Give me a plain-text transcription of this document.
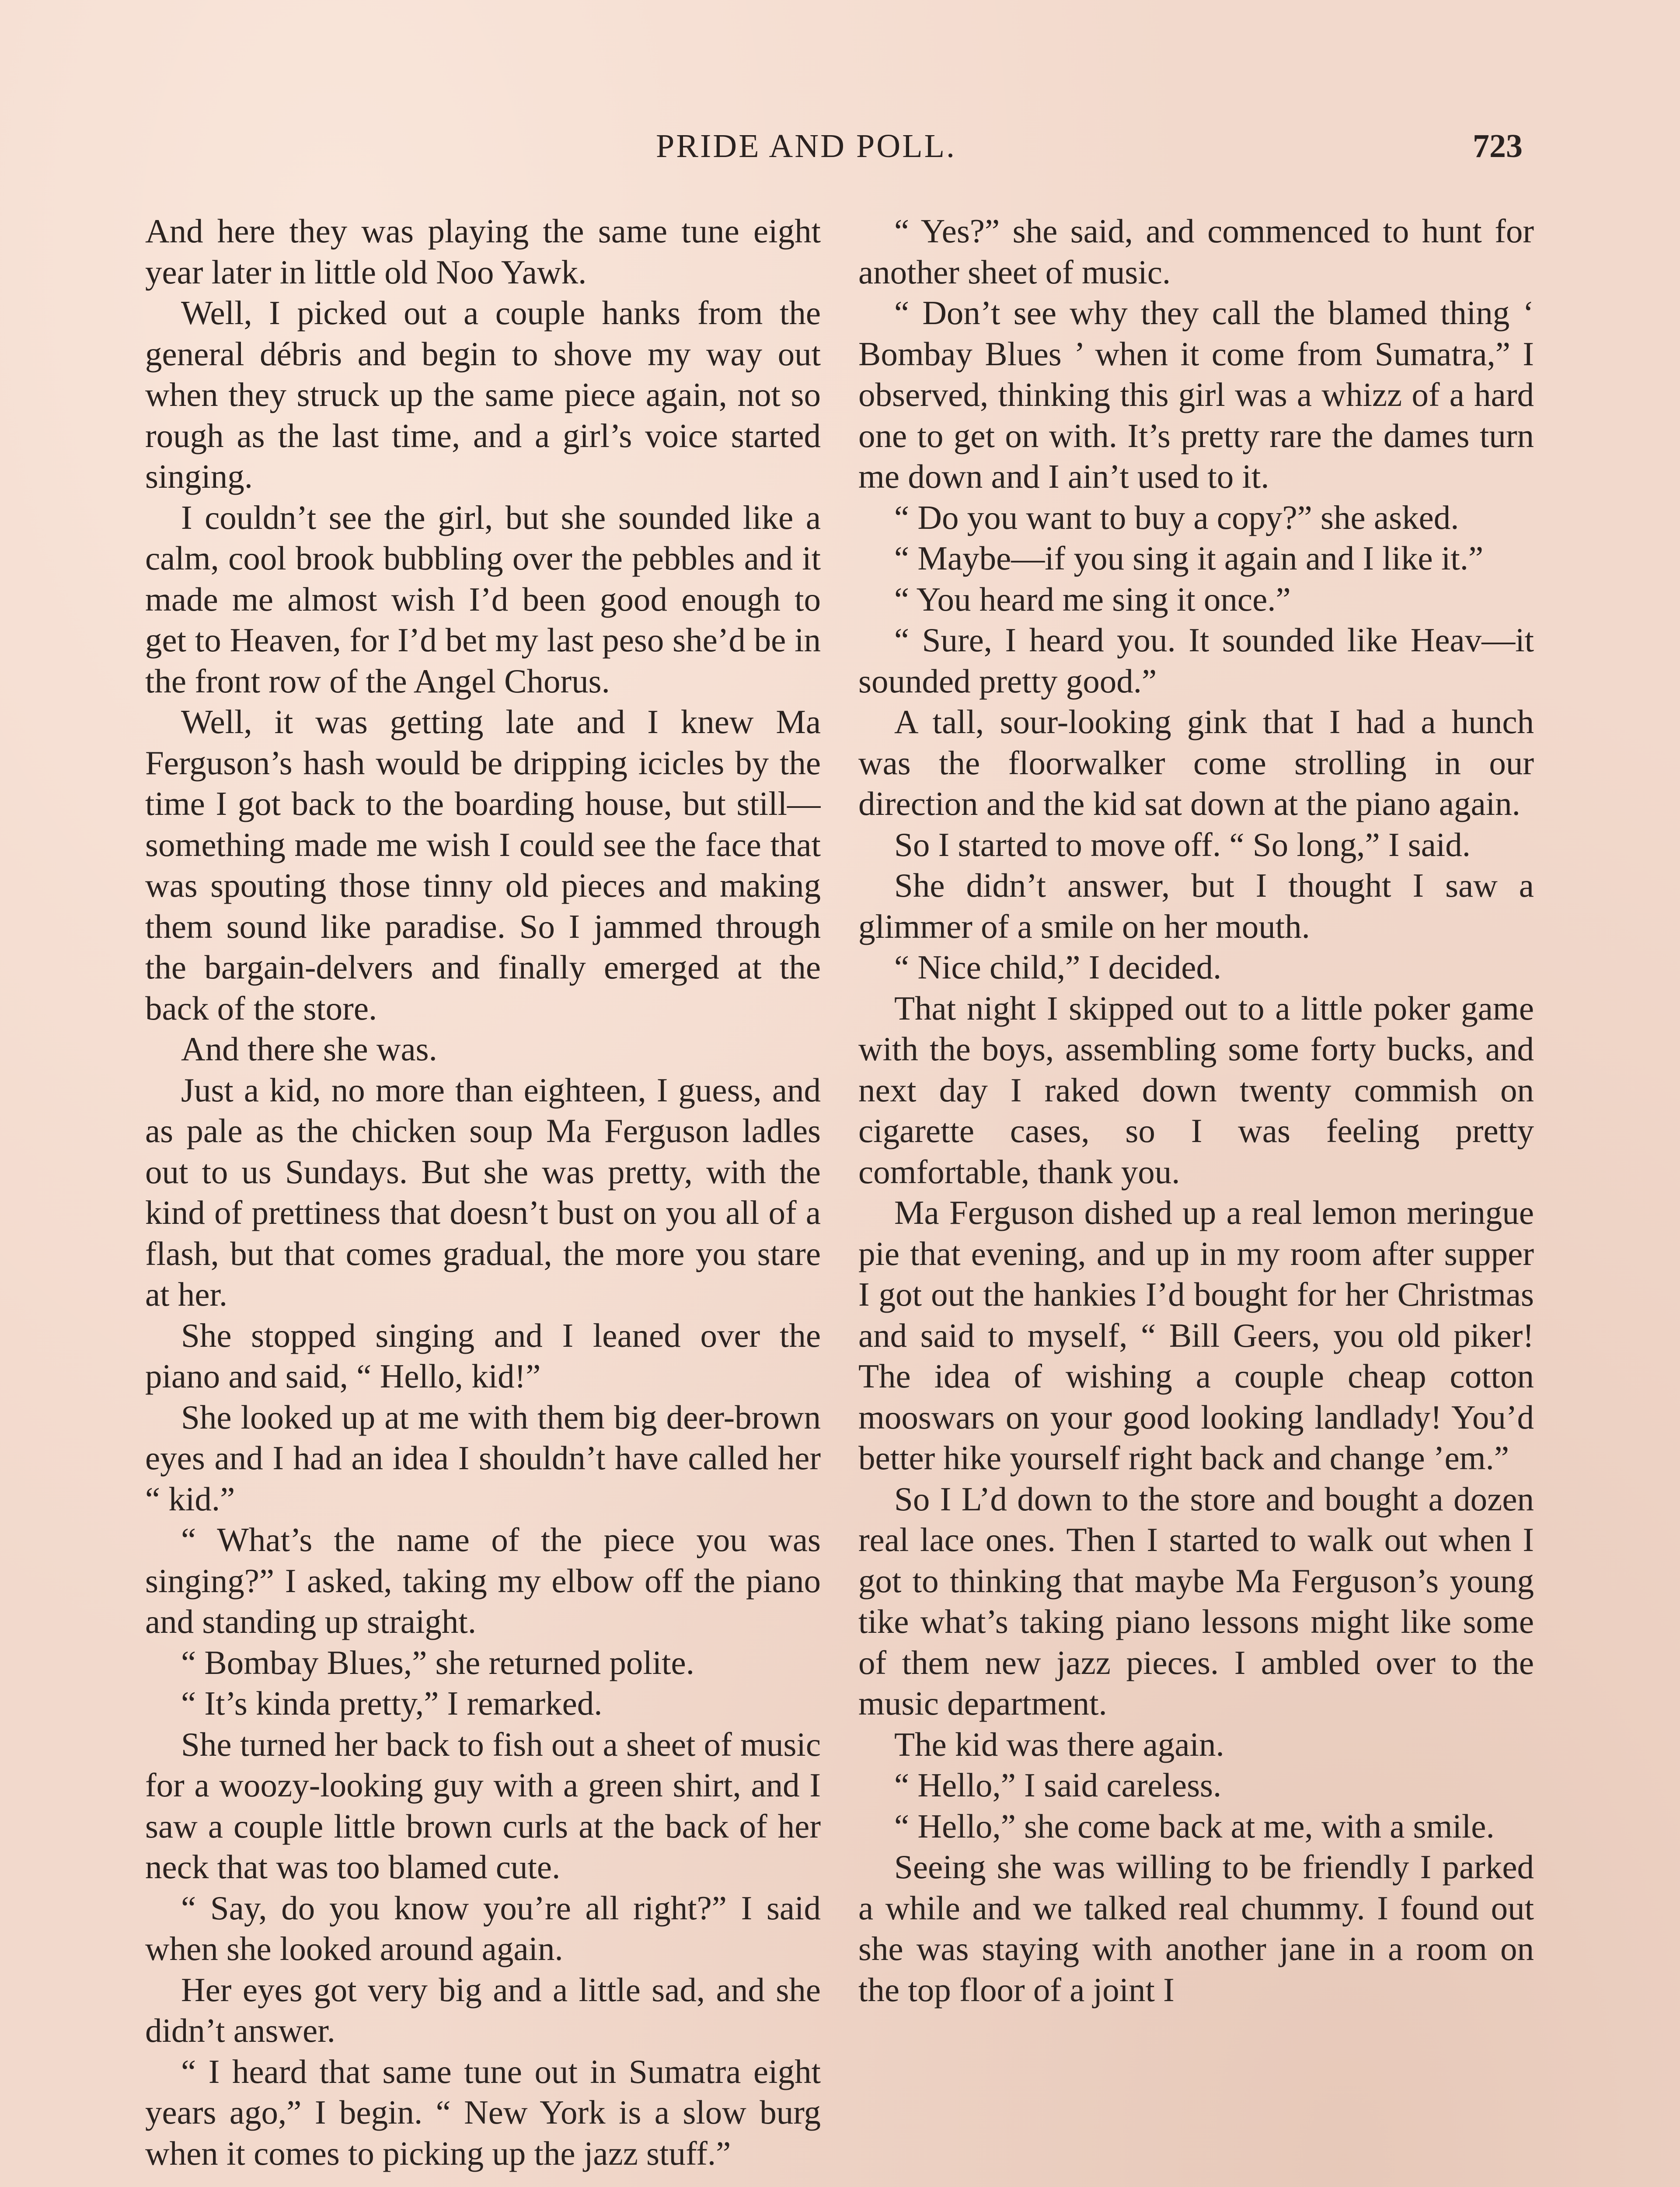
PRIDE AND POLL.	723

And here they was playing the same tune eight year later in little old Noo Yawk.

Well, I picked out a couple hanks from the general débris and begin to shove my way out when they struck up the same piece again, not so rough as the last time, and a girl’s voice started singing.

I couldn’t see the girl, but she sounded like a calm, cool brook bubbling over the pebbles and it made me almost wish I’d been good enough to get to Heaven, for I’d bet my last peso she’d be in the front row of the Angel Chorus.

Well, it was getting late and I knew Ma Ferguson’s hash would be dripping icicles by the time I got back to the boarding house, but still—something made me wish I could see the face that was spouting those tinny old pieces and making them sound like paradise. So I jammed through the bargain-delvers and finally emerged at the back of the store.

And there she was.

Just a kid, no more than eighteen, I guess, and as pale as the chicken soup Ma Ferguson ladles out to us Sundays. But she was pretty, with the kind of prettiness that doesn’t bust on you all of a flash, but that comes gradual, the more you stare at her.

She stopped singing and I leaned over the piano and said, “ Hello, kid!”

She looked up at me with them big deer-brown eyes and I had an idea I shouldn’t have called her “ kid.”

“ What’s the name of the piece you was singing?” I asked, taking my elbow off the piano and standing up straight.

“ Bombay Blues,” she returned polite.

“ It’s kinda pretty,” I remarked.

She turned her back to fish out a sheet of music for a woozy-looking guy with a green shirt, and I saw a couple little brown curls at the back of her neck that was too blamed cute.

“ Say, do you know you’re all right?” I said when she looked around again.

Her eyes got very big and a little sad, and she didn’t answer.

“ I heard that same tune out in Sumatra eight years ago,” I begin. “ New York is a slow burg when it comes to picking up the jazz stuff.”

“ Yes?” she said, and commenced to hunt for another sheet of music.

“ Don’t see why they call the blamed thing ‘ Bombay Blues ’ when it come from Sumatra,” I observed, thinking this girl was a whizz of a hard one to get on with. It’s pretty rare the dames turn me down and I ain’t used to it.

“ Do you want to buy a copy?” she asked.

“ Maybe—if you sing it again and I like it.”

“ You heard me sing it once.”

“ Sure, I heard you. It sounded like Heav—it sounded pretty good.”

A tall, sour-looking gink that I had a hunch was the floorwalker come strolling in our direction and the kid sat down at the piano again.

So I started to move off. “ So long,” I said.

She didn’t answer, but I thought I saw a glimmer of a smile on her mouth.

“ Nice child,” I decided.

That night I skipped out to a little poker game with the boys, assembling some forty bucks, and next day I raked down twenty commish on cigarette cases, so I was feeling pretty comfortable, thank you.

Ma Ferguson dished up a real lemon meringue pie that evening, and up in my room after supper I got out the hankies I’d bought for her Christmas and said to myself, “ Bill Geers, you old piker! The idea of wishing a couple cheap cotton mooswars on your good looking landlady! You’d better hike yourself right back and change ’em.”

So I L’d down to the store and bought a dozen real lace ones. Then I started to walk out when I got to thinking that maybe Ma Ferguson’s young tike what’s taking piano lessons might like some of them new jazz pieces. I ambled over to the music department.

The kid was there again.

“ Hello,” I said careless.

“ Hello,” she come back at me, with a smile.

Seeing she was willing to be friendly I parked a while and we talked real chummy. I found out she was staying with another jane in a room on the top floor of a joint I
